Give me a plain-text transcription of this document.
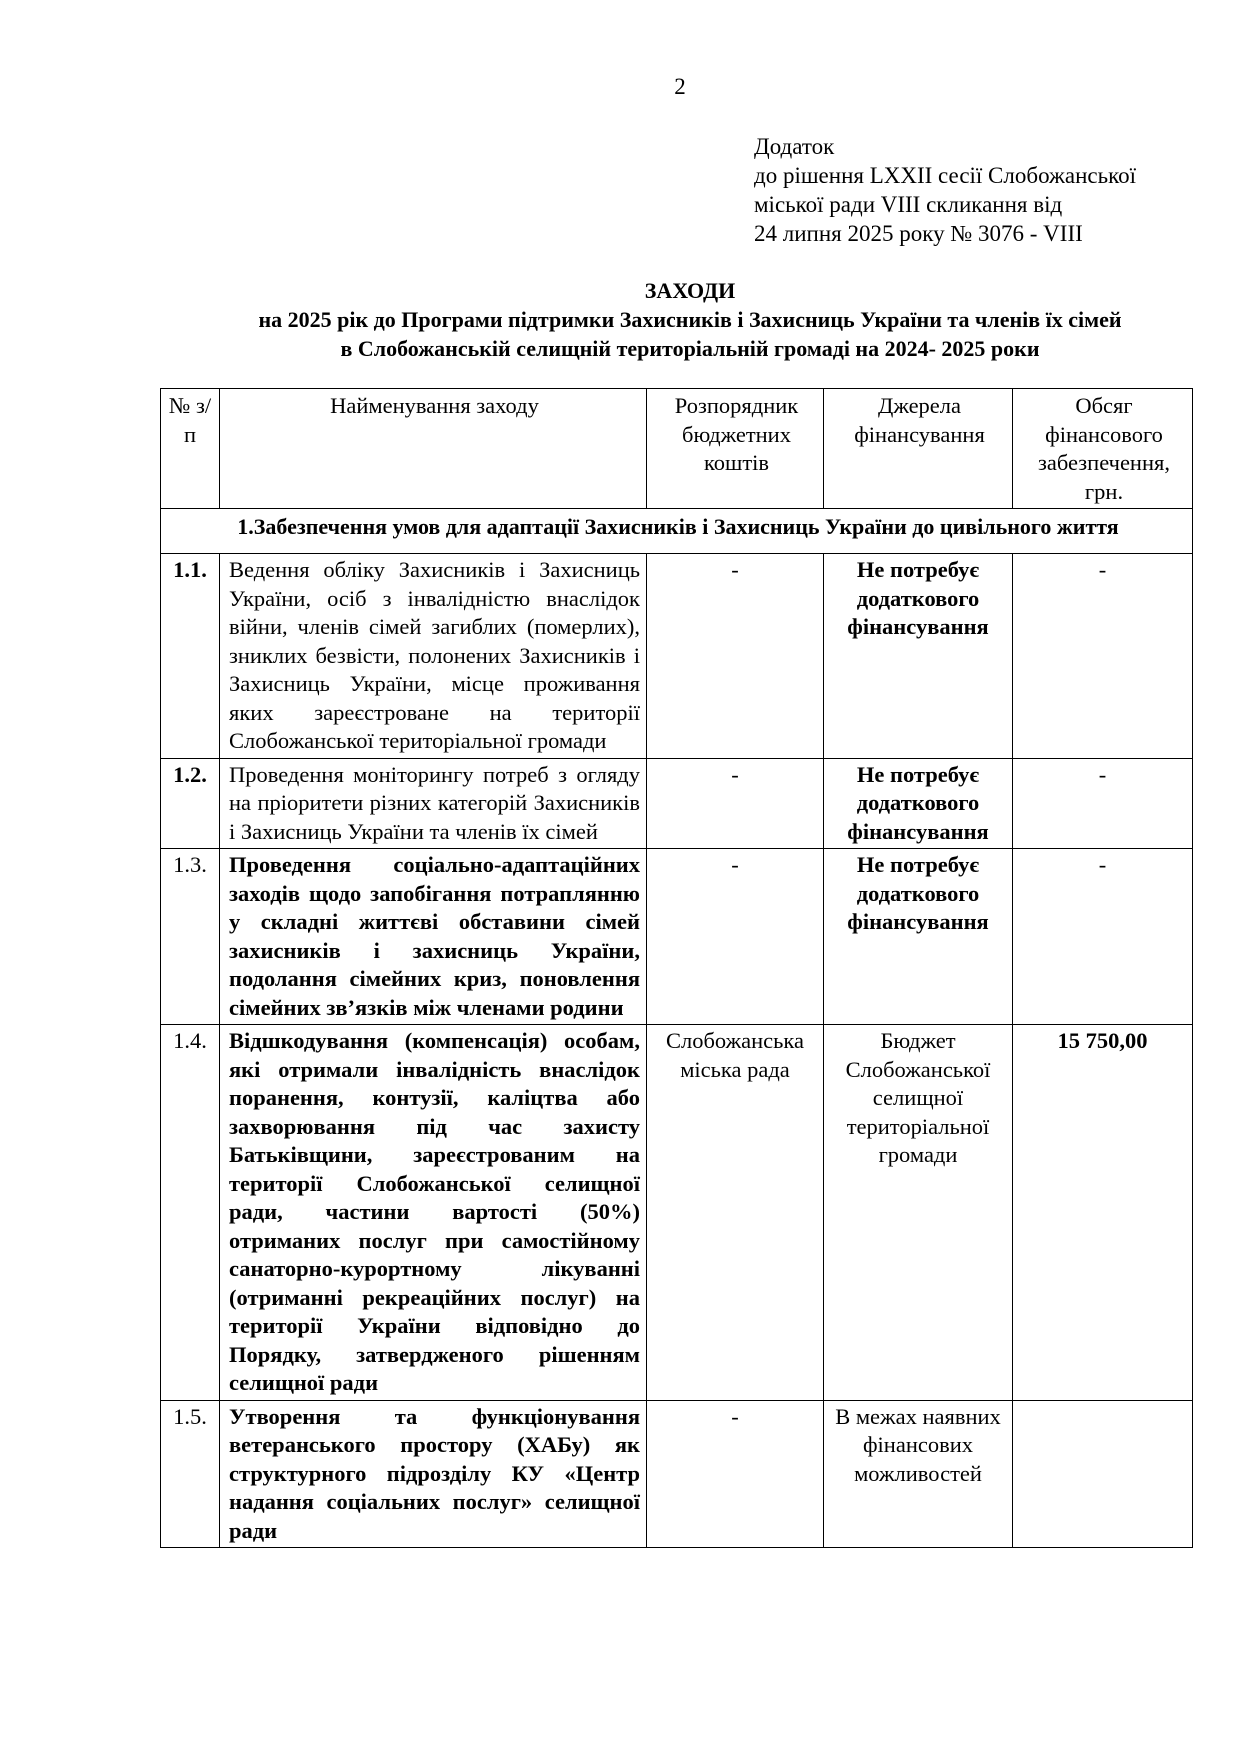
2
Додаток
до рішення LXXII сесії Слобожанської
міської ради VIII скликання від
24 липня 2025 року № 3076 - VIII
ЗАХОДИ
на 2025 рік до Програми підтримки Захисників і Захисниць України та членів їх сімей
в Слобожанській селищній територіальній громаді на 2024- 2025 роки
№ з/п	Найменування заходу	Розпорядник бюджетних коштів	Джерела фінансування	Обсяг фінансового забезпечення, грн.
1.Забезпечення умов для адаптації Захисників і Захисниць України до цивільного життя				
1.1.	Ведення обліку Захисників і Захисниць України, осіб з інвалідністю внаслідок війни, членів сімей загиблих (померлих), зниклих безвісти, полонених Захисників і Захисниць України, місце проживання яких зареєстроване на території Слобожанської територіальної громади	-	Не потребує додаткового фінансування	-
1.2.	Проведення моніторингу потреб з огляду на пріоритети різних категорій Захисників і Захисниць України та членів їх сімей	-	Не потребує додаткового фінансування	-
1.3.	Проведення соціально-адаптаційних заходів щодо запобігання потраплянню у складні життєві обставини сімей захисників і захисниць України, подолання сімейних криз, поновлення сімейних зв’язків між членами родини	-	Не потребує додаткового фінансування	-
1.4.	Відшкодування (компенсація) особам, які отримали інвалідність внаслідок поранення, контузії, каліцтва або захворювання під час захисту Батьківщини, зареєстрованим на території Слобожанської селищної ради, частини вартості (50%) отриманих послуг при самостійному санаторно-курортному лікуванні (отриманні рекреаційних послуг) на території України відповідно до Порядку, затвердженого рішенням селищної ради	Слобожанська міська рада	Бюджет Слобожанської селищної територіальної громади	15 750,00
1.5.	Утворення та функціонування ветеранського простору (ХАБу) як структурного підрозділу КУ «Центр надання соціальних послуг» селищної ради	-	В межах наявних фінансових можливостей	
